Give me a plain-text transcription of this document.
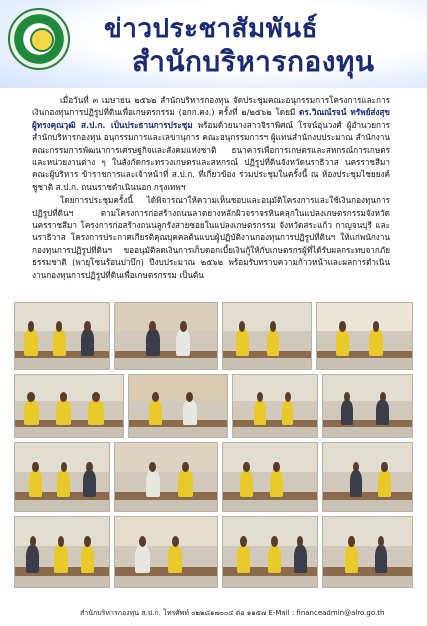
ข่าวประชาสัมพันธ์
สำนักบริหารกองทุน

เมื่อวันที่ ๓ เมษายน ๒๕๖๒ สำนักบริหารกองทุน จัดประชุมคณะอนุกรรมการโครงการและการเงินกองทุนการปฏิรูปที่ดินเพื่อเกษตรกรรม (อกก.คง.) ครั้งที่ ๒/๒๕๖๒ โดยมี ดร.วิณณ์รจน์ ทรัพย์ส่งสุข ผู้ทรงคุณวุฒิ ส.ป.ก. เป็นประธานการประชุม พร้อมด้วยนางสาวจิราพิศณ์ โรจน์อุ่นวงศ์ ผู้อำนวยการสำนักบริหารกองทุน อนุกรรมการและเลขานุการ คณะอนุกรรมการฯ ผู้แทนสำนักงบประมาณ สำนักงานคณะกรรมการพัฒนาการเศรษฐกิจและสังคมแห่งชาติ ธนาคารเพื่อการเกษตรและสหกรณ์การเกษตร และหน่วยงานต่าง ๆ ในสังกัดกระทรวงเกษตรและสหกรณ์ ปฏิรูปที่ดินจังหวัดนราธิวาส นครราชสีมา คณะผู้บริหาร ข้าราชการและเจ้าหน้าที่ ส.ป.ก. ที่เกี่ยวข้อง ร่วมประชุมในครั้งนี้ ณ ห้องประชุมไชยยงค์ ชูชาติ ส.ป.ก. ถนนราชดำเนินนอก กรุงเทพฯ

โดยการประชุมครั้งนี้ ได้พิจารณาให้ความเห็นชอบและอนุมัติโครงการและใช้เงินกองทุนการปฏิรูปที่ดินฯ ตามโครงการก่อสร้างถนนลาดยางหลักผิวจราจรหินคลุกในแปลงเกษตรกรรมจังหวัดนครราชสีมา โครงการก่อสร้างถนนลูกรังสายซอยในแปลงเกษตรกรรม จังหวัดสระแก้ว กาญจนบุรี และนราธิวาส โครงการประกาศเกียรติคุณบุคคลต้นแบบผู้ปฏิบัติงานกองทุนการปฏิรูปที่ดินฯ ให้แก่พนักงานกองทุนการปฏิรูปที่ดินฯ ขออนุมัติลดเงินการเก็บดอกเบี้ยเงินกู้ให้กับเกษตรกรผู้ที่ได้รับผลกระทบจากภัยธรรมชาติ (พายุโซนร้อนปาบึก) ปีงบประมาณ ๒๕๖๒ พร้อมรับทราบความก้าวหน้าและผลการดำเนินงานกองทุนการปฏิรูปที่ดินเพื่อเกษตรกรรม เป็นต้น

สำนักบริหารกองทุน ส.ป.ก. โทรศัพท์ ๐๒๒๘๑๗๐๐๔ ต่อ ๑๑๕๗ E-Mail : financeadmin@alro.go.th
